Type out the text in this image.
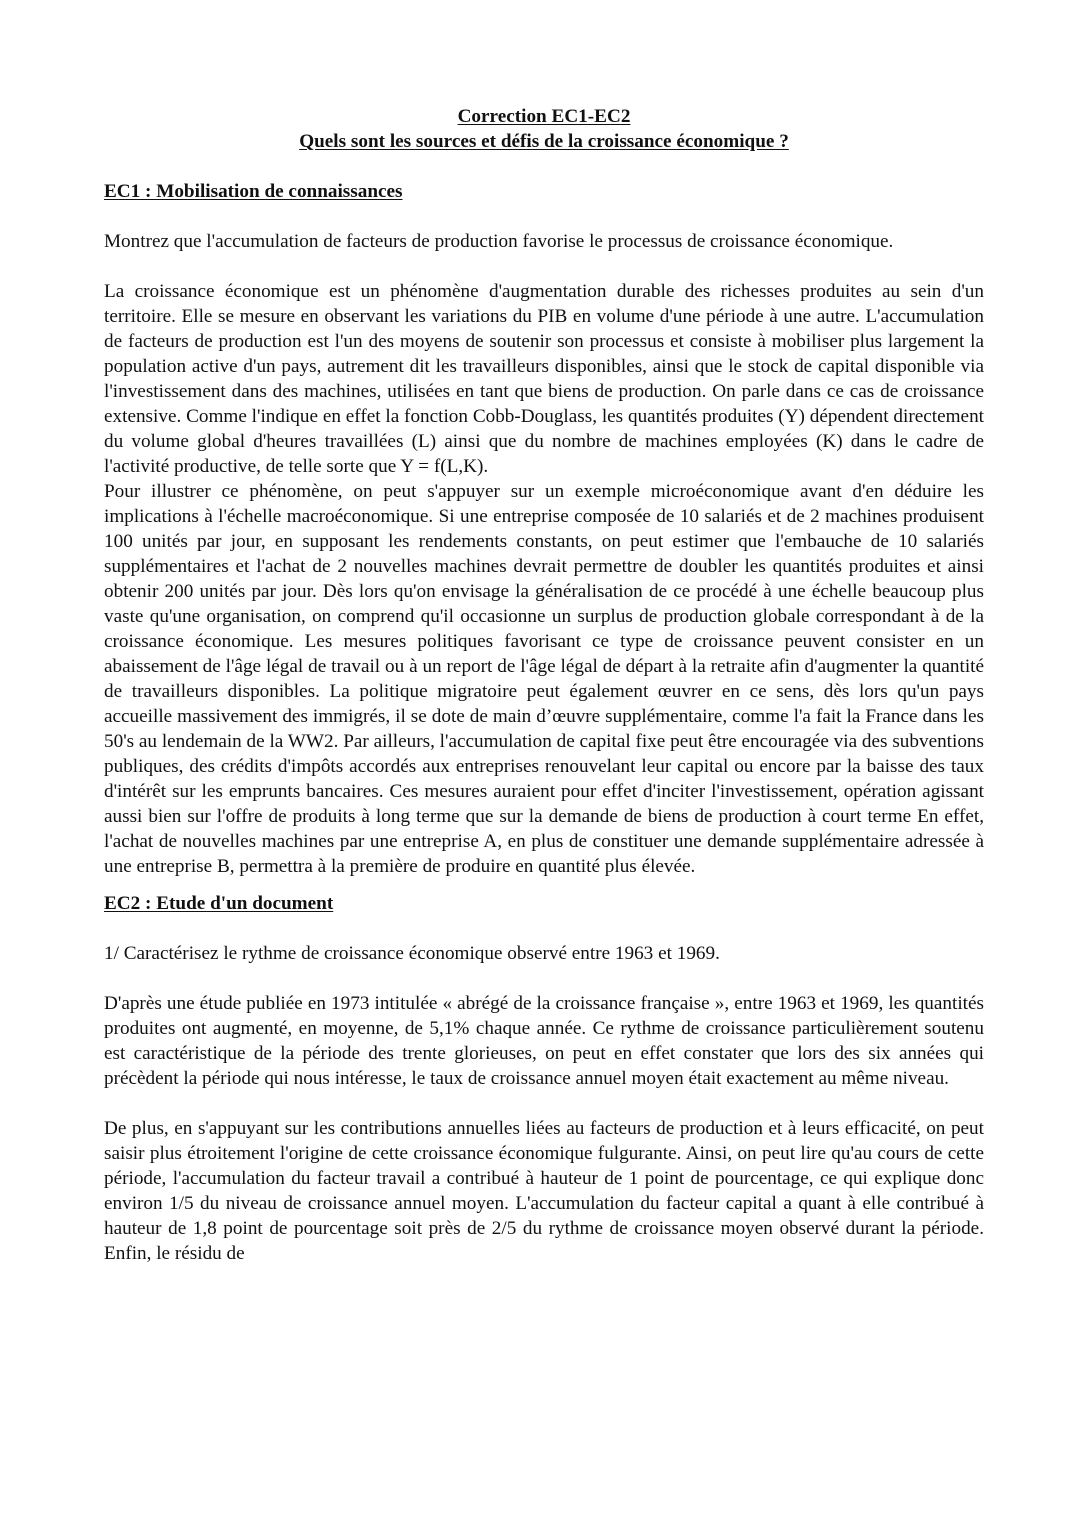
Correction EC1-EC2
Quels sont les sources et défis de la croissance économique ?
EC1 : Mobilisation de connaissances

Montrez que l'accumulation de facteurs de production favorise le processus de croissance économique.

La croissance économique est un phénomène d'augmentation durable des richesses produites au sein d'un territoire. Elle se mesure en observant les variations du PIB en volume d'une période à une autre. L'accumulation de facteurs de production est l'un des moyens de soutenir son processus et consiste à mobiliser plus largement la population active d'un pays, autrement dit les travailleurs disponibles, ainsi que le stock de capital disponible via l'investissement dans des machines, utilisées en tant que biens de production. On parle dans ce cas de croissance extensive. Comme l'indique en effet la fonction Cobb-Douglass, les quantités produites (Y) dépendent directement du volume global d'heures travaillées (L) ainsi que du nombre de machines employées (K) dans le cadre de l'activité productive, de telle sorte que Y = f(L,K).

Pour illustrer ce phénomène, on peut s'appuyer sur un exemple microéconomique avant d'en déduire les implications à l'échelle macroéconomique. Si une entreprise composée de 10 salariés et de 2 machines produisent 100 unités par jour, en supposant les rendements constants, on peut estimer que l'embauche de 10 salariés supplémentaires et l'achat de 2 nouvelles machines devrait permettre de doubler les quantités produites et ainsi obtenir 200 unités par jour. Dès lors qu'on envisage la généralisation de ce procédé à une échelle beaucoup plus vaste qu'une organisation, on comprend qu'il occasionne un surplus de production globale correspondant à de la croissance économique. Les mesures politiques favorisant ce type de croissance peuvent consister en un abaissement de l'âge légal de travail ou à un report de l'âge légal de départ à la retraite afin d'augmenter la quantité de travailleurs disponibles. La politique migratoire peut également œuvrer en ce sens, dès lors qu'un pays accueille massivement des immigrés, il se dote de main d’œuvre supplémentaire, comme l'a fait la France dans les 50's au lendemain de la WW2. Par ailleurs, l'accumulation de capital fixe peut être encouragée via des subventions publiques, des crédits d'impôts accordés aux entreprises renouvelant leur capital ou encore par la baisse des taux d'intérêt sur les emprunts bancaires. Ces mesures auraient pour effet d'inciter l'investissement, opération agissant aussi bien sur l'offre de produits à long terme que sur la demande de biens de production à court terme En effet, l'achat de nouvelles machines par une entreprise A, en plus de constituer une demande supplémentaire adressée à une entreprise B, permettra à la première de produire en quantité plus élevée.

EC2 : Etude d'un document

1/ Caractérisez le rythme de croissance économique observé entre 1963 et 1969.

D'après une étude publiée en 1973 intitulée « abrégé de la croissance française », entre 1963 et 1969, les quantités produites ont augmenté, en moyenne, de 5,1% chaque année. Ce rythme de croissance particulièrement soutenu est caractéristique de la période des trente glorieuses, on peut en effet constater que lors des six années qui précèdent la période qui nous intéresse, le taux de croissance annuel moyen était exactement au même niveau.

De plus, en s'appuyant sur les contributions annuelles liées au facteurs de production et à leurs efficacité, on peut saisir plus étroitement l'origine de cette croissance économique fulgurante. Ainsi, on peut lire qu'au cours de cette période, l'accumulation du facteur travail a contribué à hauteur de 1 point de pourcentage, ce qui explique donc environ 1/5 du niveau de croissance annuel moyen. L'accumulation du facteur capital a quant à elle contribué à hauteur de 1,8 point de pourcentage soit près de 2/5 du rythme de croissance moyen observé durant la période. Enfin, le résidu de
